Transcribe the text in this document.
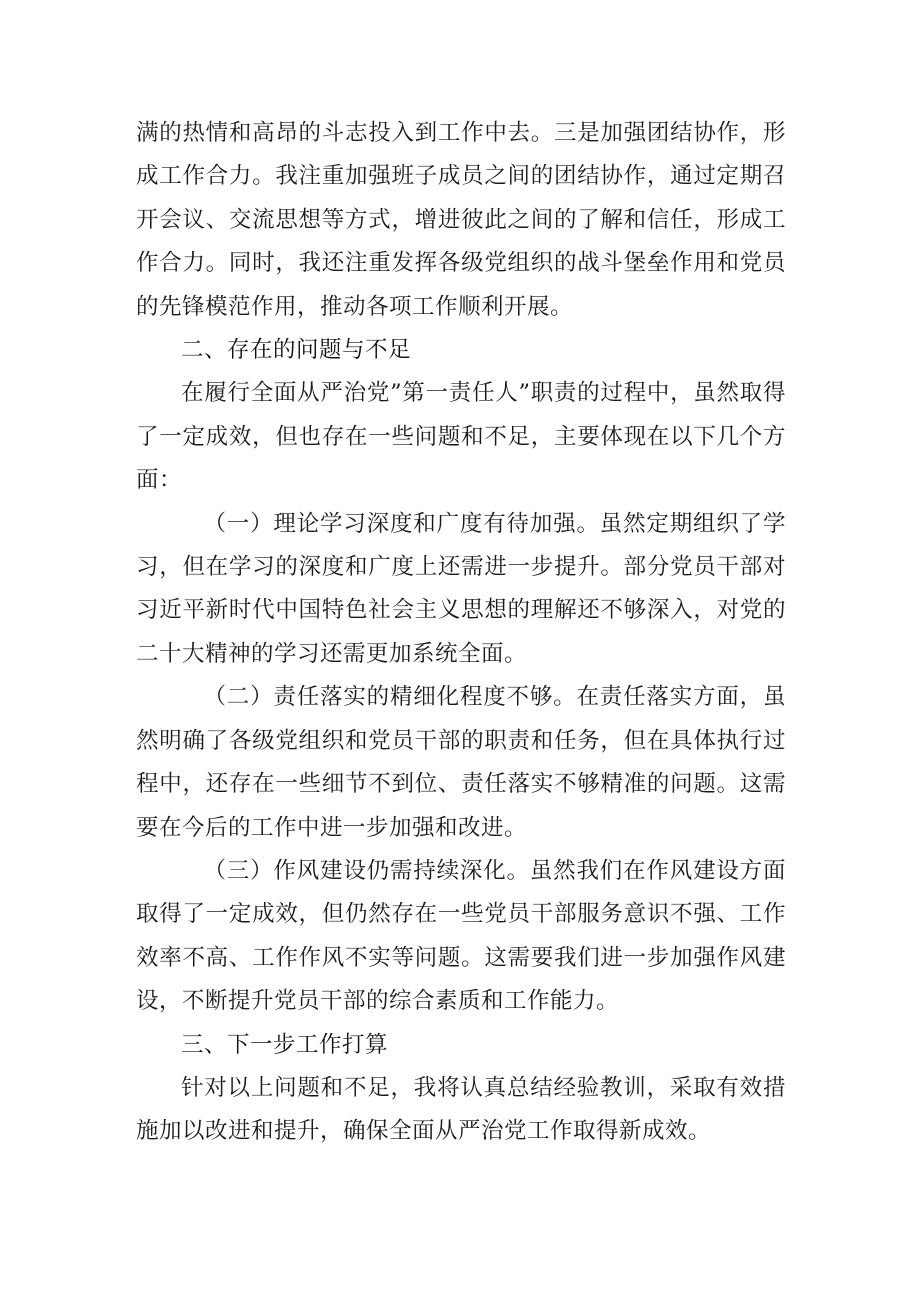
满的热情和高昂的斗志投入到工作中去。三是加强团结协作，形成工作合力。我注重加强班子成员之间的团结协作，通过定期召开会议、交流思想等方式，增进彼此之间的了解和信任，形成工作合力。同时，我还注重发挥各级党组织的战斗堡垒作用和党员的先锋模范作用，推动各项工作顺利开展。

二、存在的问题与不足

在履行全面从严治党”第一责任人”职责的过程中，虽然取得了一定成效，但也存在一些问题和不足，主要体现在以下几个方面：

（一）理论学习深度和广度有待加强。虽然定期组织了学习，但在学习的深度和广度上还需进一步提升。部分党员干部对习近平新时代中国特色社会主义思想的理解还不够深入，对党的二十大精神的学习还需更加系统全面。

（二）责任落实的精细化程度不够。在责任落实方面，虽然明确了各级党组织和党员干部的职责和任务，但在具体执行过程中，还存在一些细节不到位、责任落实不够精准的问题。这需要在今后的工作中进一步加强和改进。

（三）作风建设仍需持续深化。虽然我们在作风建设方面取得了一定成效，但仍然存在一些党员干部服务意识不强、工作效率不高、工作作风不实等问题。这需要我们进一步加强作风建设，不断提升党员干部的综合素质和工作能力。

三、下一步工作打算

针对以上问题和不足，我将认真总结经验教训，采取有效措施加以改进和提升，确保全面从严治党工作取得新成效。
